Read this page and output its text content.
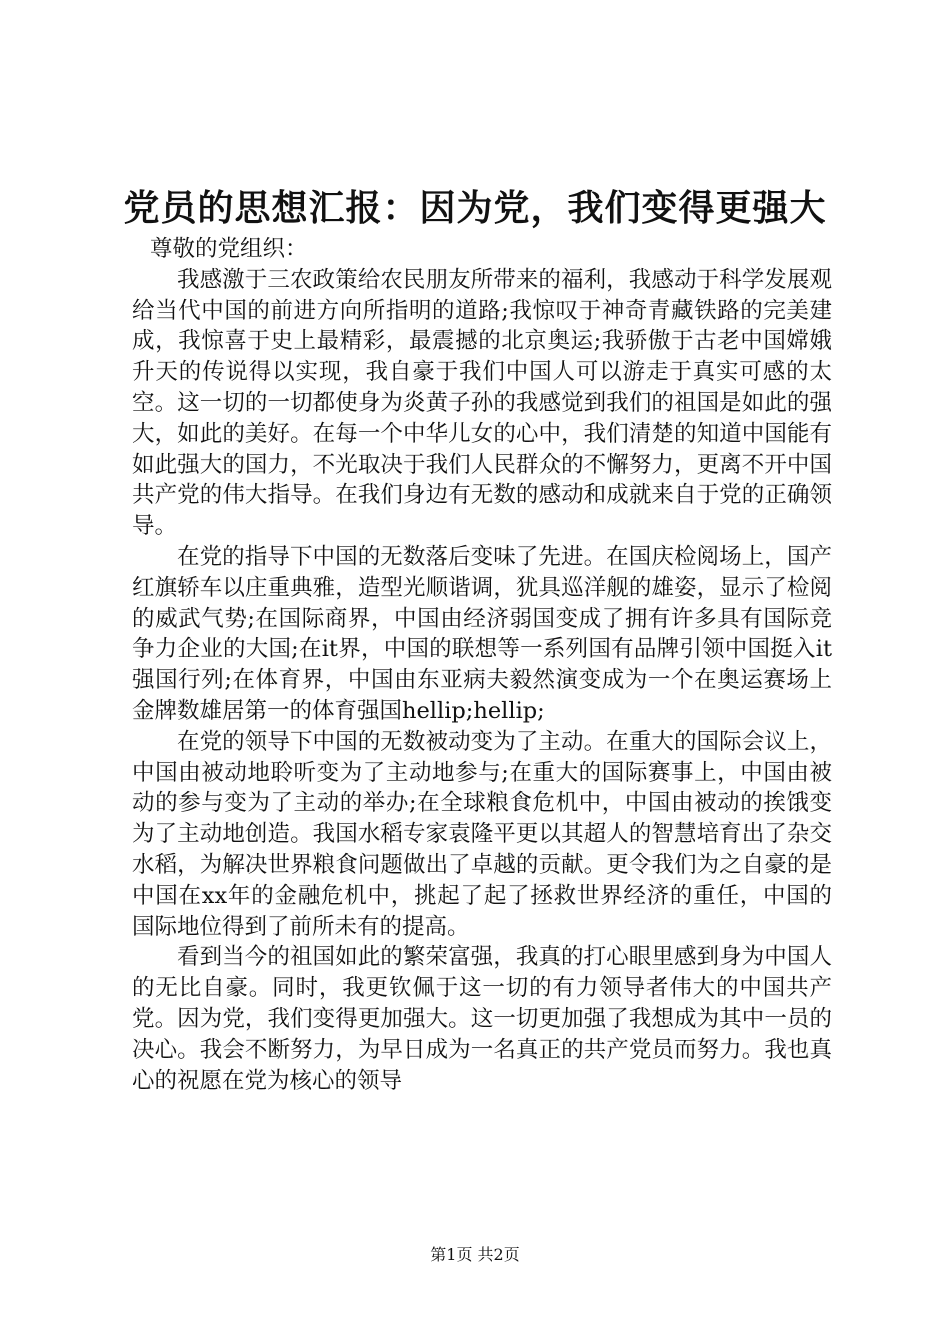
党员的思想汇报：因为党，我们变得更强大

尊敬的党组织：

我感激于三农政策给农民朋友所带来的福利，我感动于科学发展观给当代中国的前进方向所指明的道路;我惊叹于神奇青藏铁路的完美建成，我惊喜于史上最精彩，最震撼的北京奥运;我骄傲于古老中国嫦娥升天的传说得以实现，我自豪于我们中国人可以游走于真实可感的太空。这一切的一切都使身为炎黄子孙的我感觉到我们的祖国是如此的强大，如此的美好。在每一个中华儿女的心中，我们清楚的知道中国能有如此强大的国力，不光取决于我们人民群众的不懈努力，更离不开中国共产党的伟大指导。在我们身边有无数的感动和成就来自于党的正确领导。

在党的指导下中国的无数落后变味了先进。在国庆检阅场上，国产红旗轿车以庄重典雅，造型光顺谐调，犹具巡洋舰的雄姿，显示了检阅的威武气势;在国际商界，中国由经济弱国变成了拥有许多具有国际竞争力企业的大国;在it界，中国的联想等一系列国有品牌引领中国挺入it强国行列;在体育界，中国由东亚病夫毅然演变成为一个在奥运赛场上金牌数雄居第一的体育强国hellip;hellip;

在党的领导下中国的无数被动变为了主动。在重大的国际会议上，中国由被动地聆听变为了主动地参与;在重大的国际赛事上，中国由被动的参与变为了主动的举办;在全球粮食危机中，中国由被动的挨饿变为了主动地创造。我国水稻专家袁隆平更以其超人的智慧培育出了杂交水稻，为解决世界粮食问题做出了卓越的贡献。更令我们为之自豪的是中国在xx年的金融危机中，挑起了起了拯救世界经济的重任，中国的国际地位得到了前所未有的提高。

看到当今的祖国如此的繁荣富强，我真的打心眼里感到身为中国人的无比自豪。同时，我更钦佩于这一切的有力领导者伟大的中国共产党。因为党，我们变得更加强大。这一切更加强了我想成为其中一员的决心。我会不断努力，为早日成为一名真正的共产党员而努力。我也真心的祝愿在党为核心的领导

第1页 共2页
